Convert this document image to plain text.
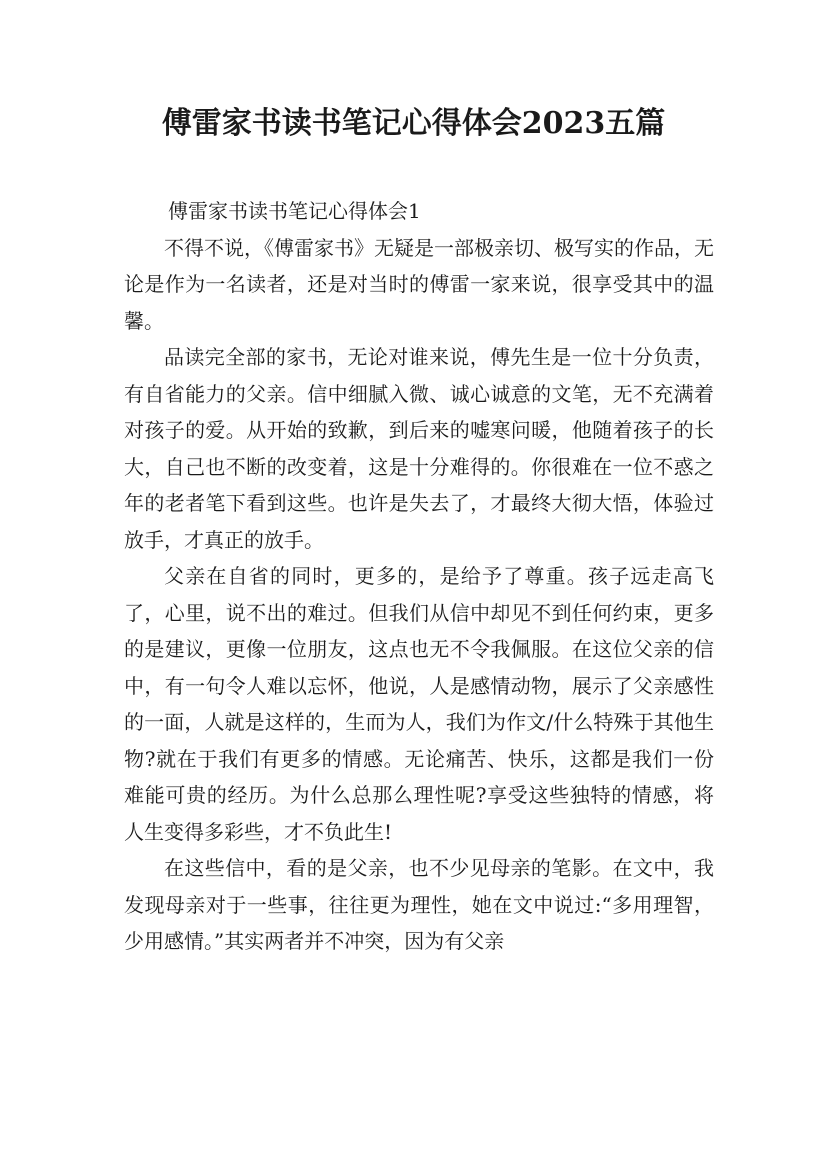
傅雷家书读书笔记心得体会2023五篇

傅雷家书读书笔记心得体会1

不得不说，《傅雷家书》无疑是一部极亲切、极写实的作品，无论是作为一名读者，还是对当时的傅雷一家来说，很享受其中的温馨。

品读完全部的家书，无论对谁来说，傅先生是一位十分负责，有自省能力的父亲。信中细腻入微、诚心诚意的文笔，无不充满着对孩子的爱。从开始的致歉，到后来的嘘寒问暖，他随着孩子的长大，自己也不断的改变着，这是十分难得的。你很难在一位不惑之年的老者笔下看到这些。也许是失去了，才最终大彻大悟，体验过放手，才真正的放手。

父亲在自省的同时，更多的，是给予了尊重。孩子远走高飞了，心里，说不出的难过。但我们从信中却见不到任何约束，更多的是建议，更像一位朋友，这点也无不令我佩服。在这位父亲的信中，有一句令人难以忘怀，他说，人是感情动物，展示了父亲感性的一面，人就是这样的，生而为人，我们为作文/什么特殊于其他生物?就在于我们有更多的情感。无论痛苦、快乐，这都是我们一份难能可贵的经历。为什么总那么理性呢?享受这些独特的情感，将人生变得多彩些，才不负此生!

在这些信中，看的是父亲，也不少见母亲的笔影。在文中，我发现母亲对于一些事，往往更为理性，她在文中说过:“多用理智，少用感情。”其实两者并不冲突，因为有父亲
